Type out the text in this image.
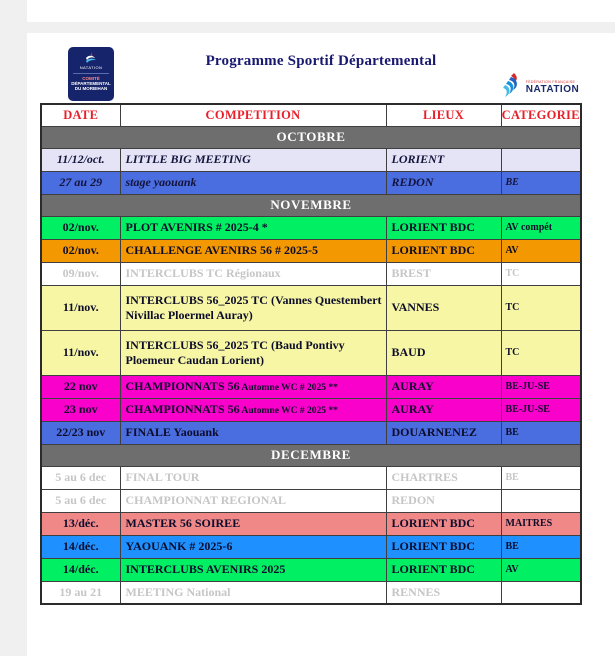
Programme Sportif Départemental
NATATION
COMITÉ
DÉPARTEMENTAL
DU MORBIHAN
FÉDÉRATION FRANÇAISE
NATATION
DATE	COMPETITION	LIEUX	CATEGORIE
OCTOBRE			
11/12/oct.	LITTLE BIG MEETING	LORIENT	
27 au 29	stage yaouank	REDON	BE
NOVEMBRE			
02/nov.	PLOT AVENIRS # 2025-4 *	LORIENT BDC	AV compét
02/nov.	CHALLENGE AVENIRS 56 # 2025-5	LORIENT BDC	AV
09/nov.	INTERCLUBS TC Régionaux	BREST	TC
11/nov.	INTERCLUBS 56_2025 TC (Vannes Questembert Nivillac Ploermel Auray)	VANNES	TC
11/nov.	INTERCLUBS 56_2025 TC (Baud Pontivy Ploemeur Caudan Lorient)	BAUD	TC
22 nov	CHAMPIONNATS 56 Automne WC # 2025 **	AURAY	BE-JU-SE
23 nov	CHAMPIONNATS 56 Automne WC # 2025 **	AURAY	BE-JU-SE
22/23 nov	FINALE Yaouank	DOUARNENEZ	BE
DECEMBRE			
5 au 6 dec	FINAL TOUR	CHARTRES	BE
5 au 6 dec	CHAMPIONNAT REGIONAL	REDON	
13/déc.	MASTER 56 SOIREE	LORIENT BDC	MAITRES
14/déc.	YAOUANK # 2025-6	LORIENT BDC	BE
14/déc.	INTERCLUBS AVENIRS 2025	LORIENT BDC	AV
19 au 21	MEETING National	RENNES	
